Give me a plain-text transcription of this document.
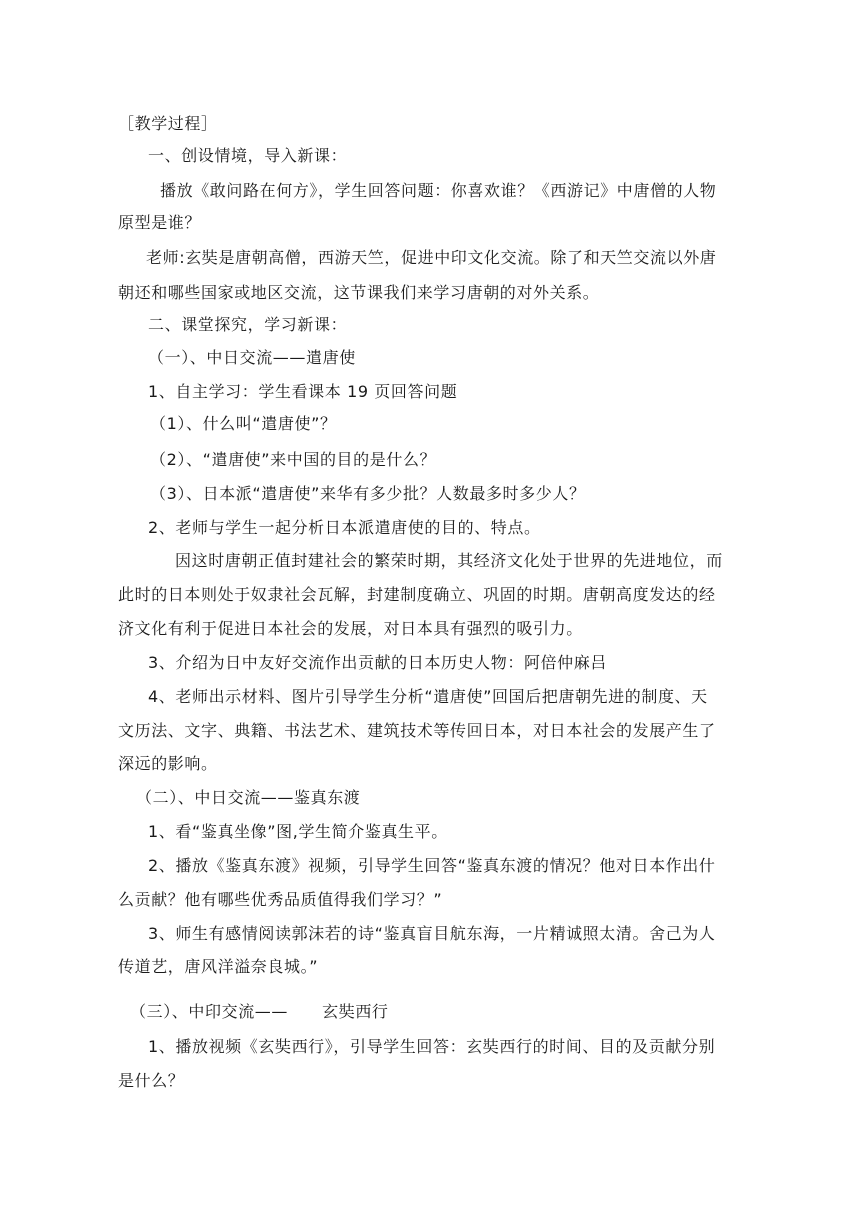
［教学过程］
一、创设情境，导入新课：
播放《敢问路在何方》，学生回答问题：你喜欢谁？《西游记》中唐僧的人物
原型是谁？
老师:玄奘是唐朝高僧，西游天竺，促进中印文化交流。除了和天竺交流以外唐
朝还和哪些国家或地区交流，这节课我们来学习唐朝的对外关系。
二、课堂探究，学习新课：
（一）、中日交流——遣唐使
1、自主学习：学生看课本 19 页回答问题
（1）、什么叫“遣唐使”？
（2）、“遣唐使”来中国的目的是什么？
（3）、日本派“遣唐使”来华有多少批？人数最多时多少人？
2、老师与学生一起分析日本派遣唐使的目的、特点。
因这时唐朝正值封建社会的繁荣时期，其经济文化处于世界的先进地位，而
此时的日本则处于奴隶社会瓦解，封建制度确立、巩固的时期。唐朝高度发达的经
济文化有利于促进日本社会的发展，对日本具有强烈的吸引力。
3、介绍为日中友好交流作出贡献的日本历史人物：阿倍仲麻吕
4、老师出示材料、图片引导学生分析“遣唐使”回国后把唐朝先进的制度、天
文历法、文字、典籍、书法艺术、建筑技术等传回日本，对日本社会的发展产生了
深远的影响。
（二）、中日交流——鉴真东渡
1、看“鉴真坐像”图,学生简介鉴真生平。
2、播放《鉴真东渡》视频，引导学生回答“鉴真东渡的情况？他对日本作出什
么贡献？他有哪些优秀品质值得我们学习？”
3、师生有感情阅读郭沫若的诗“鉴真盲目航东海，一片精诚照太清。舍己为人
传道艺，唐风洋溢奈良城。”
（三）、中印交流——      玄奘西行
1、播放视频《玄奘西行》，引导学生回答：玄奘西行的时间、目的及贡献分别
是什么？
